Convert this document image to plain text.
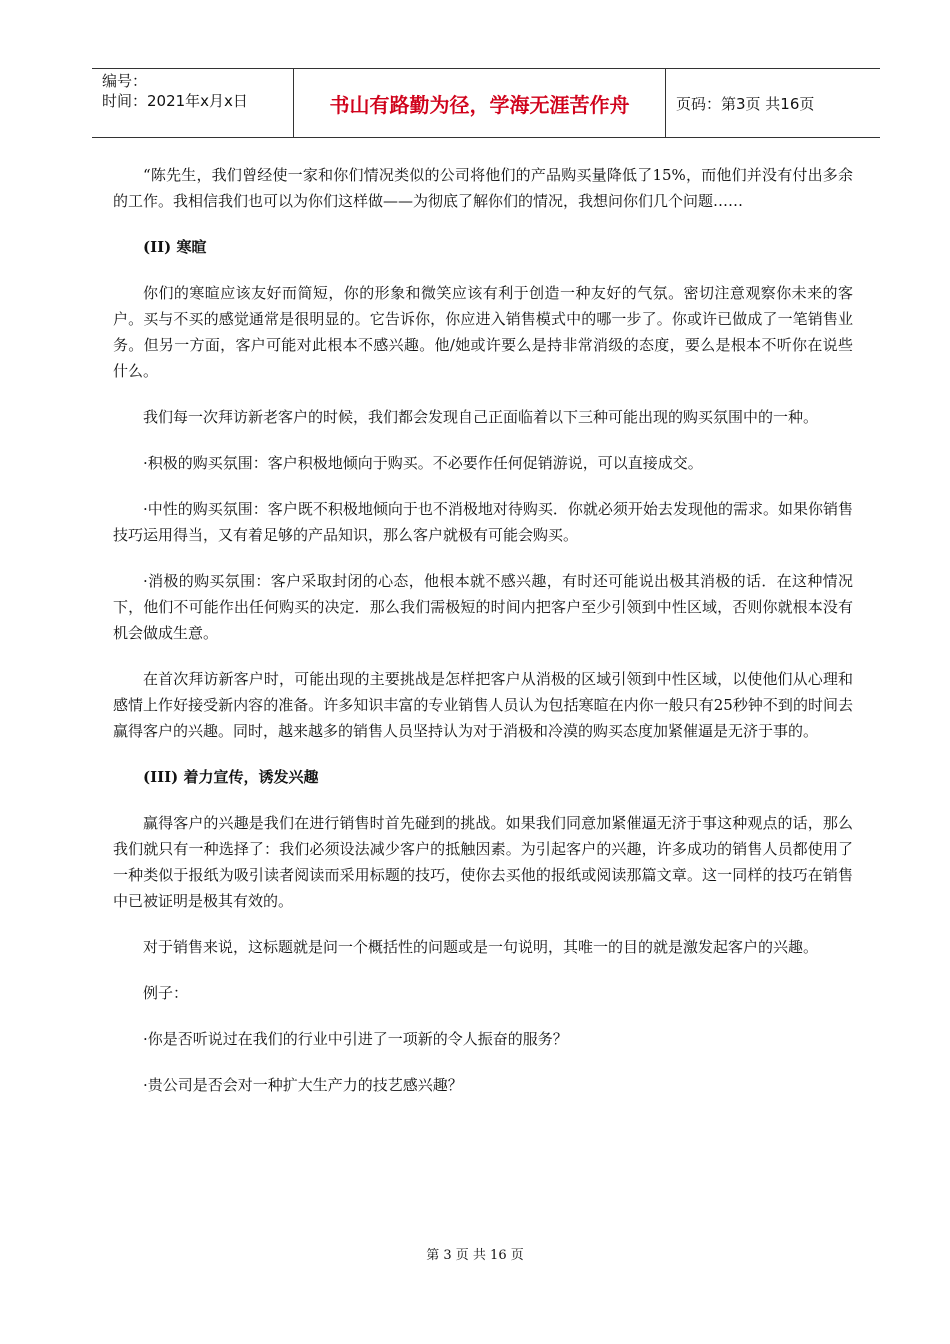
编号：
时间：2021年x月x日	书山有路勤为径，学海无涯苦作舟	页码：第3页 共16页

“陈先生，我们曾经使一家和你们情况类似的公司将他们的产品购买量降低了15%，而他们并没有付出多余的工作。我相信我们也可以为你们这样做——为彻底了解你们的情况，我想问你们几个问题……

(II) 寒暄

你们的寒暄应该友好而简短，你的形象和微笑应该有利于创造一种友好的气氛。密切注意观察你未来的客户。买与不买的感觉通常是很明显的。它告诉你，你应进入销售模式中的哪一步了。你或许已做成了一笔销售业务。但另一方面，客户可能对此根本不感兴趣。他/她或许要么是持非常消级的态度，要么是根本不听你在说些什么。

我们每一次拜访新老客户的时候，我们都会发现自己正面临着以下三种可能出现的购买氛围中的一种。

·积极的购买氛围：客户积极地倾向于购买。不必要作任何促销游说，可以直接成交。

·中性的购买氛围：客户既不积极地倾向于也不消极地对待购买．你就必须开始去发现他的需求。如果你销售技巧运用得当，又有着足够的产品知识，那么客户就极有可能会购买。

·消极的购买氛围：客户采取封闭的心态，他根本就不感兴趣，有时还可能说出极其消极的话．在这种情况下，他们不可能作出任何购买的决定．那么我们需极短的时间内把客户至少引领到中性区域，否则你就根本没有机会做成生意。

在首次拜访新客户时，可能出现的主要挑战是怎样把客户从消极的区域引领到中性区域，以使他们从心理和感情上作好接受新内容的准备。许多知识丰富的专业销售人员认为包括寒暄在内你一般只有25秒钟不到的时间去赢得客户的兴趣。同时，越来越多的销售人员坚持认为对于消极和冷漠的购买态度加紧催逼是无济于事的。

(III) 着力宣传，诱发兴趣

赢得客户的兴趣是我们在进行销售时首先碰到的挑战。如果我们同意加紧催逼无济于事这种观点的话，那么我们就只有一种选择了：我们必须设法减少客户的抵触因素。为引起客户的兴趣，许多成功的销售人员都使用了一种类似于报纸为吸引读者阅读而采用标题的技巧，使你去买他的报纸或阅读那篇文章。这一同样的技巧在销售中已被证明是极其有效的。

对于销售来说，这标题就是问一个概括性的问题或是一句说明，其唯一的目的就是激发起客户的兴趣。

例子：

·你是否听说过在我们的行业中引进了一项新的令人振奋的服务？

·贵公司是否会对一种扩大生产力的技艺感兴趣？

第 3 页 共 16 页
